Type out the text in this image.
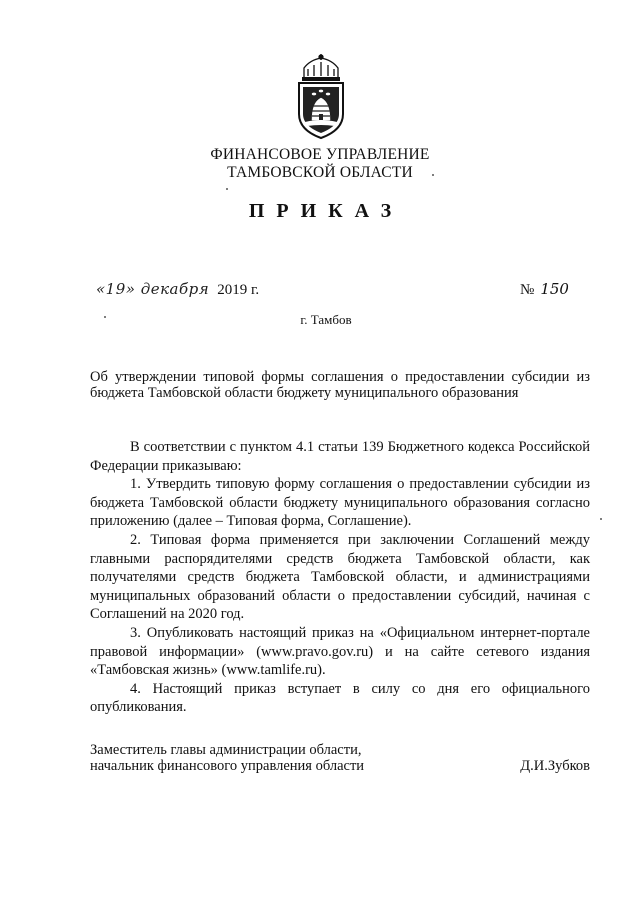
ФИНАНСОВОЕ УПРАВЛЕНИЕ
ТАМБОВСКОЙ ОБЛАСТИ
ПРИКАЗ
«19» декабря 2019 г.	№ 150
г. Тамбов
Об утверждении типовой формы соглашения о предоставлении субсидии из бюджета Тамбовской области бюджету муниципального образования

В соответствии с пунктом 4.1 статьи 139 Бюджетного кодекса Российской Федерации приказываю:

1. Утвердить типовую форму соглашения о предоставлении субсидии из бюджета Тамбовской области бюджету муниципального образования согласно приложению (далее – Типовая форма, Соглашение).

2. Типовая форма применяется при заключении Соглашений между главными распорядителями средств бюджета Тамбовской области, как получателями средств бюджета Тамбовской области, и администрациями муниципальных образований области о предоставлении субсидий, начиная с Соглашений на 2020 год.

3. Опубликовать настоящий приказ на «Официальном интернет-портале правовой информации» (www.pravo.gov.ru) и на сайте сетевого издания «Тамбовская жизнь» (www.tamlife.ru).

4. Настоящий приказ вступает в силу со дня его официального опубликования.

Заместитель главы администрации области,
начальник финансового управления области	Д.И.Зубков
